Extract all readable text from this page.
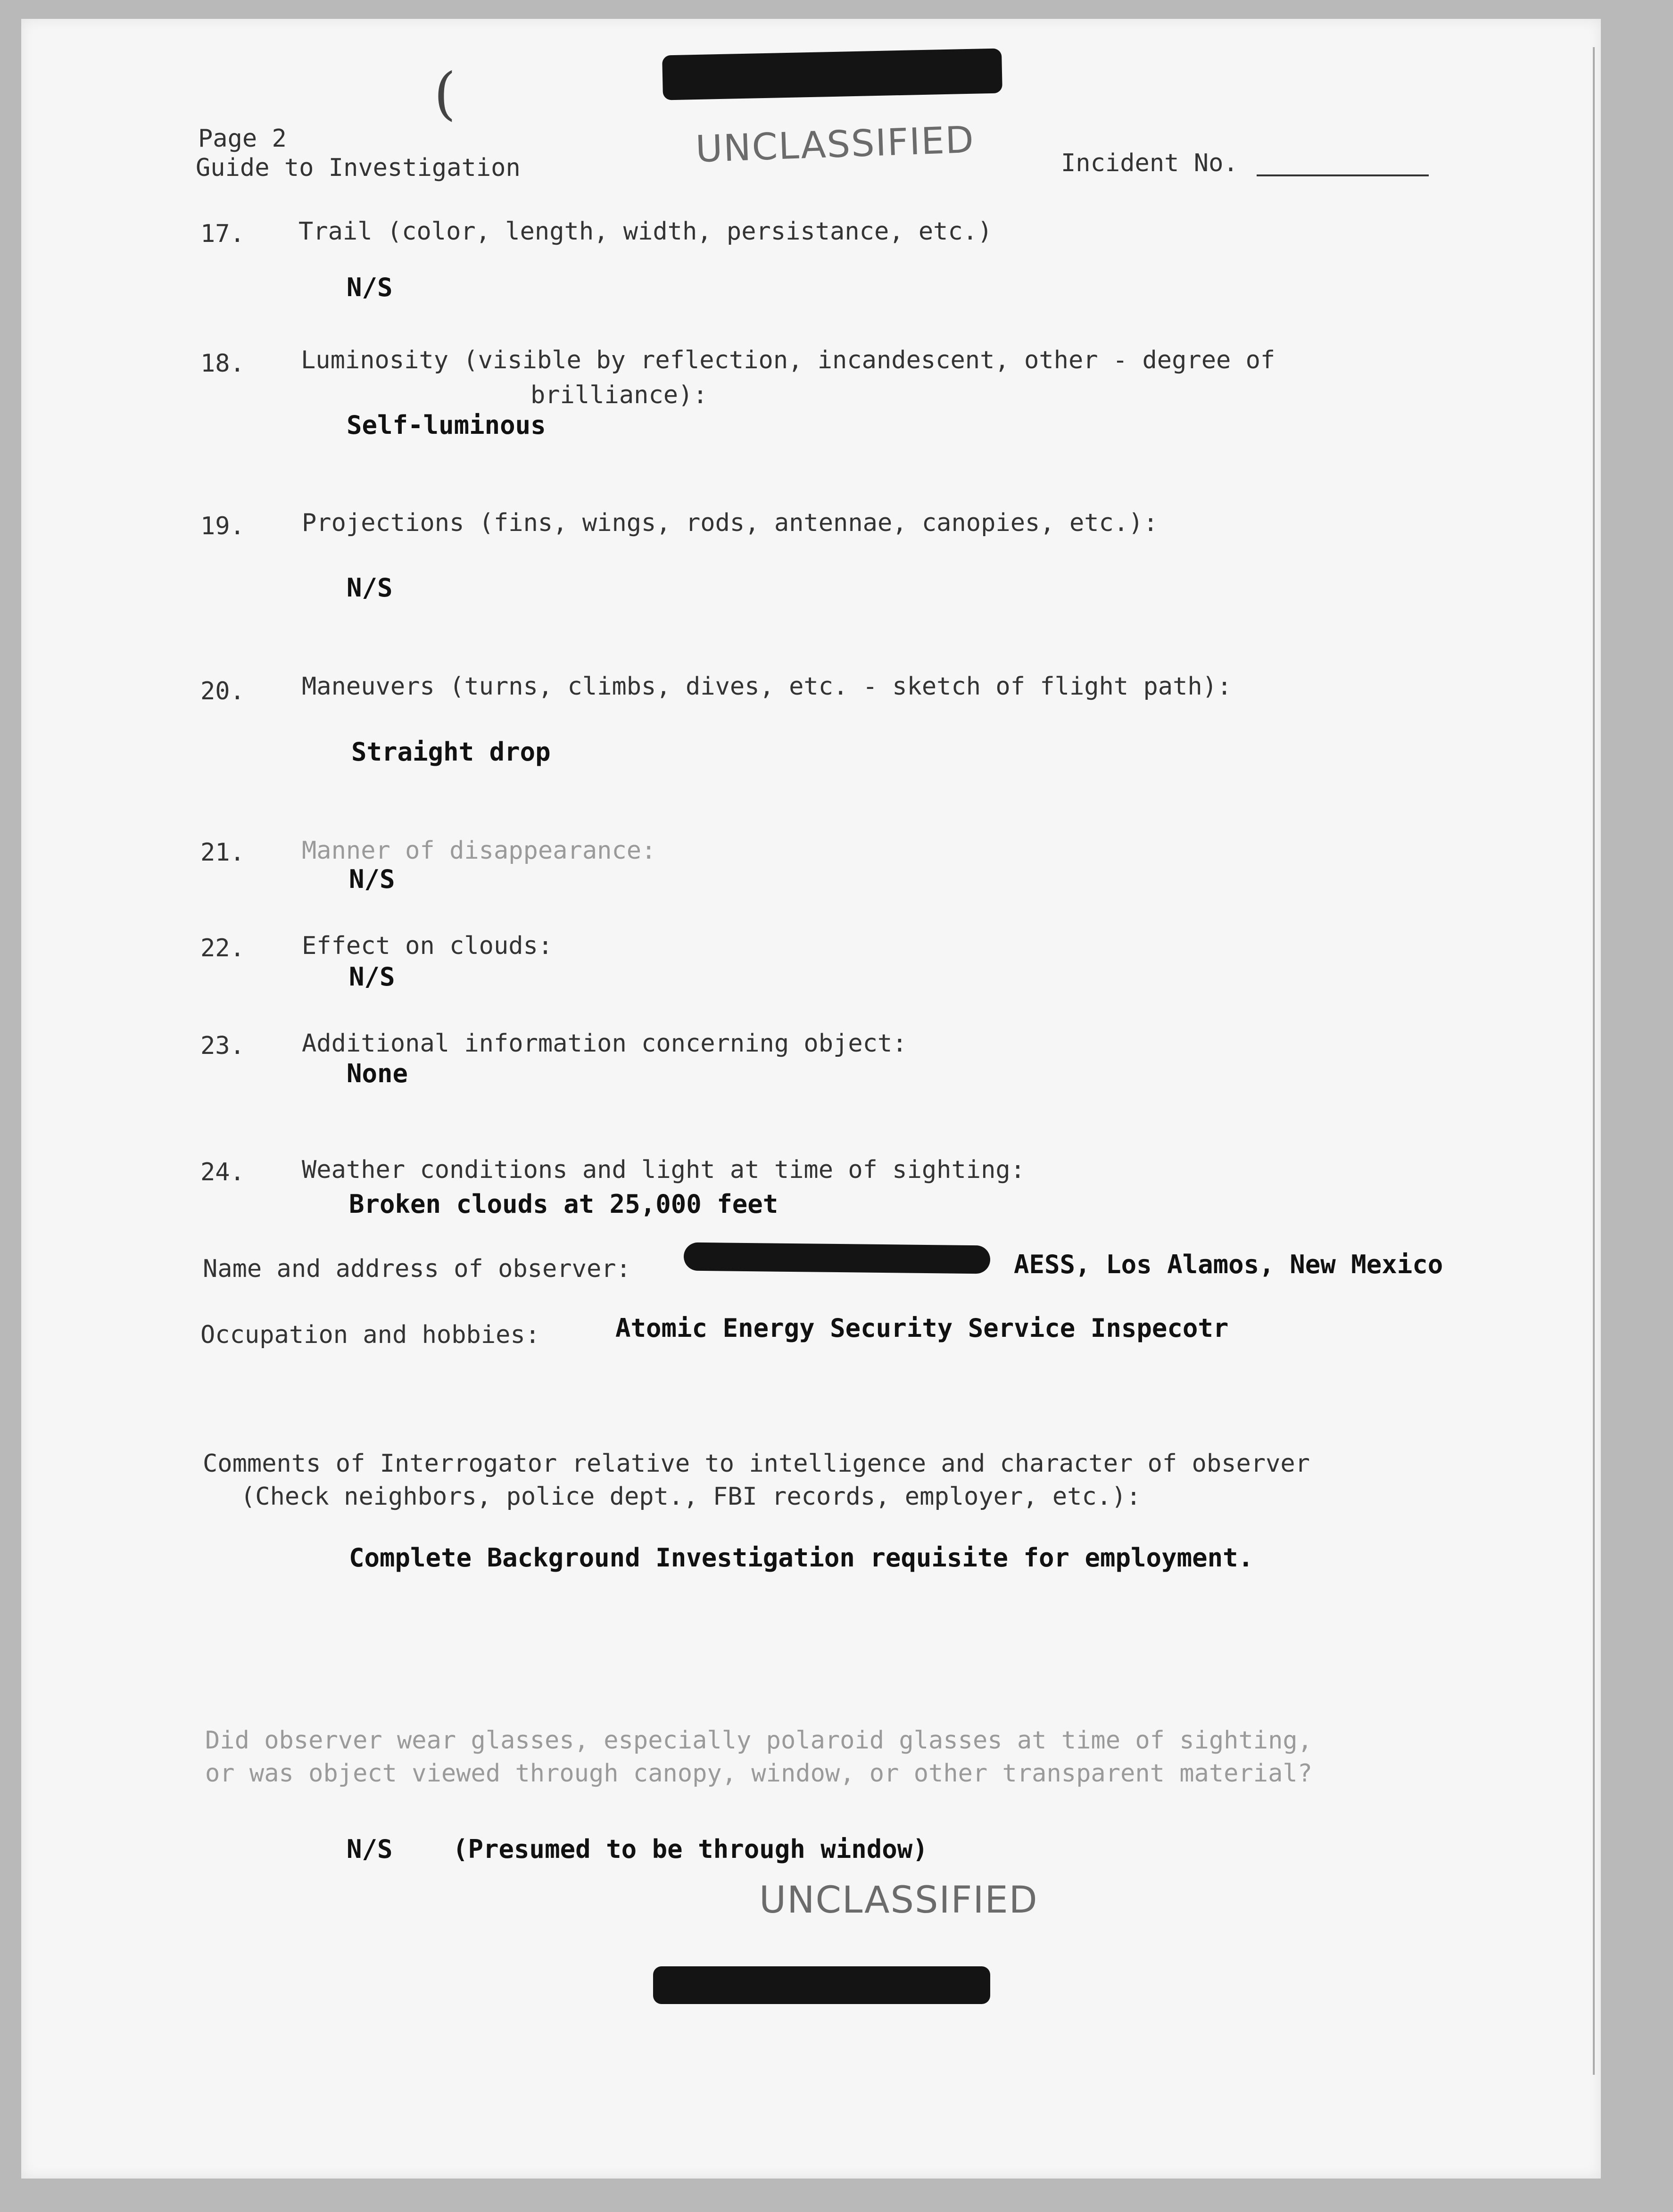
(
Page 2
Guide to Investigation	UNCLASSIFIED	Incident No.
17. Trail (color, length, width, persistance, etc.)
N/S
18. Luminosity (visible by reflection, incandescent, other - degree of
brilliance):
Self-luminous
19. Projections (fins, wings, rods, antennae, canopies, etc.):
N/S
20. Maneuvers (turns, climbs, dives, etc. - sketch of flight path):
Straight drop
21. Manner of disappearance:
N/S
22. Effect on clouds:
N/S
23. Additional information concerning object:
None
24. Weather conditions and light at time of sighting:
Broken clouds at 25,000 feet
Name and address of observer:	AESS, Los Alamos, New Mexico
Occupation and hobbies:	Atomic Energy Security Service Inspecotr
Comments of Interrogator relative to intelligence and character of observer
(Check neighbors, police dept., FBI records, employer, etc.):
Complete Background Investigation requisite for employment.
Did observer wear glasses, especially polaroid glasses at time of sighting,
or was object viewed through canopy, window, or other transparent material?
N/S (Presumed to be through window)
UNCLASSIFIED
